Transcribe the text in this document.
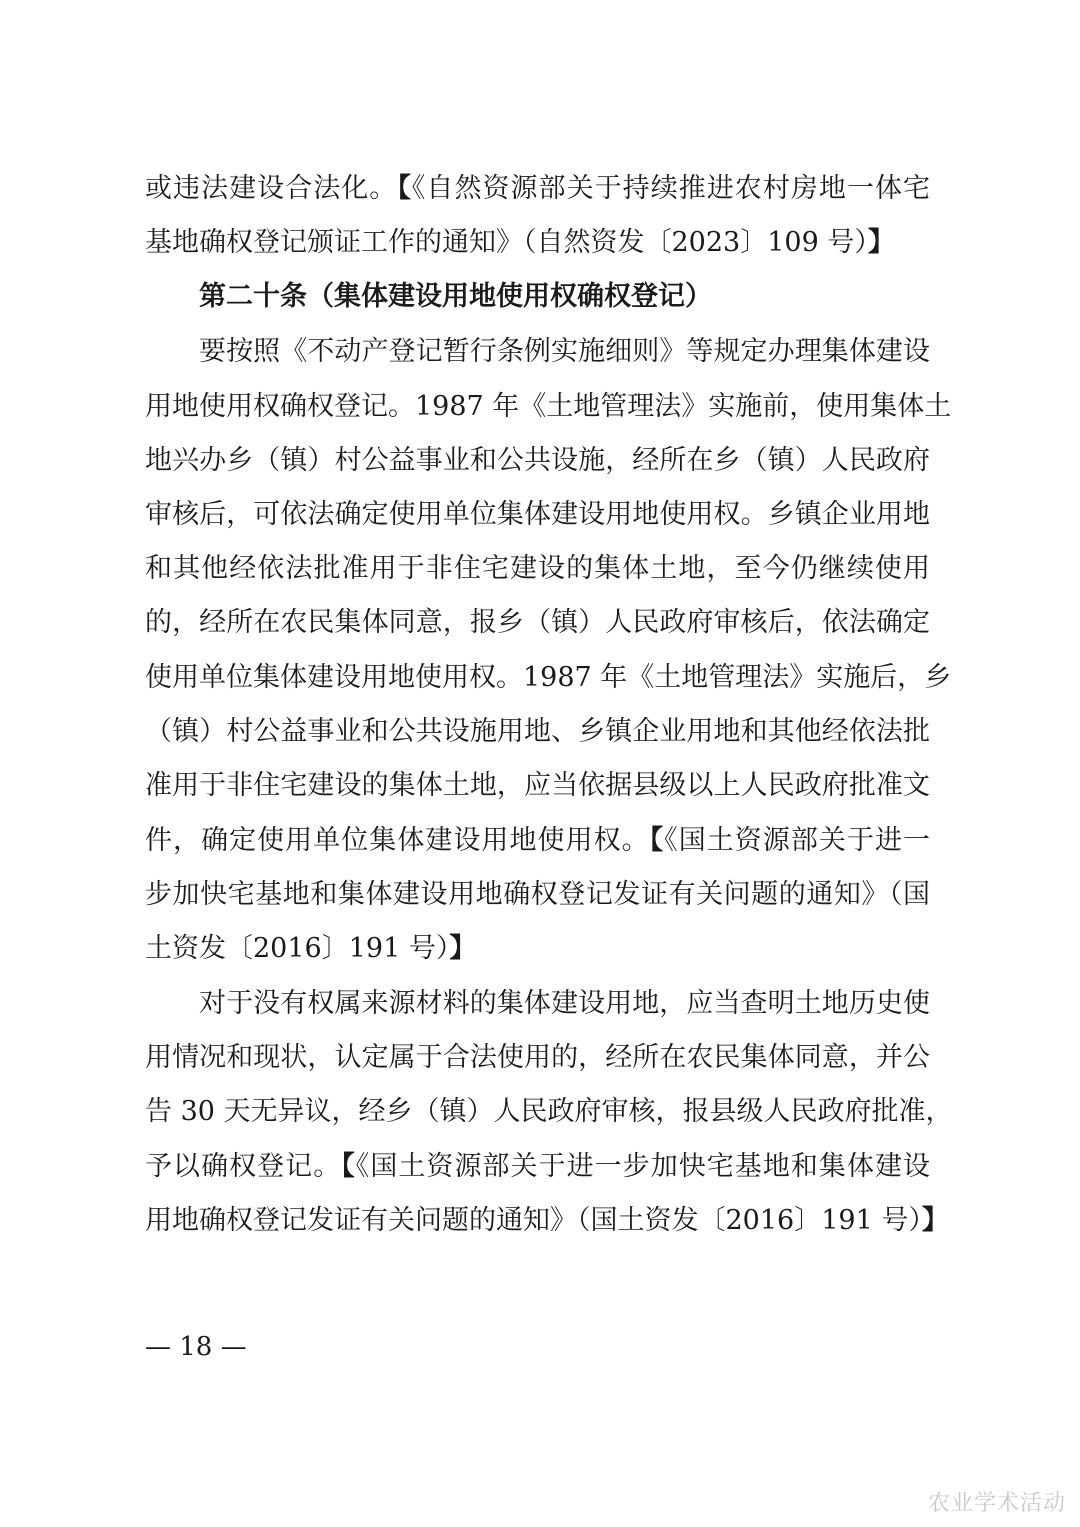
或违法建设合法化。【《自然资源部关于持续推进农村房地一体宅
基地确权登记颁证工作的通知》（自然资发〔2023〕109 号）】
第二十条（集体建设用地使用权确权登记）
要按照《不动产登记暂行条例实施细则》等规定办理集体建设
用地使用权确权登记。1987 年《土地管理法》实施前，使用集体土
地兴办乡（镇）村公益事业和公共设施，经所在乡（镇）人民政府
审核后，可依法确定使用单位集体建设用地使用权。乡镇企业用地
和其他经依法批准用于非住宅建设的集体土地，至今仍继续使用
的，经所在农民集体同意，报乡（镇）人民政府审核后，依法确定
使用单位集体建设用地使用权。1987 年《土地管理法》实施后，乡
（镇）村公益事业和公共设施用地、乡镇企业用地和其他经依法批
准用于非住宅建设的集体土地，应当依据县级以上人民政府批准文
件，确定使用单位集体建设用地使用权。【《国土资源部关于进一
步加快宅基地和集体建设用地确权登记发证有关问题的通知》（国
土资发〔2016〕191 号）】
对于没有权属来源材料的集体建设用地，应当查明土地历史使
用情况和现状，认定属于合法使用的，经所在农民集体同意，并公
告 30 天无异议，经乡（镇）人民政府审核，报县级人民政府批准，
予以确权登记。【《国土资源部关于进一步加快宅基地和集体建设
用地确权登记发证有关问题的通知》（国土资发〔2016〕191 号）】
— 18 —
农业学术活动
